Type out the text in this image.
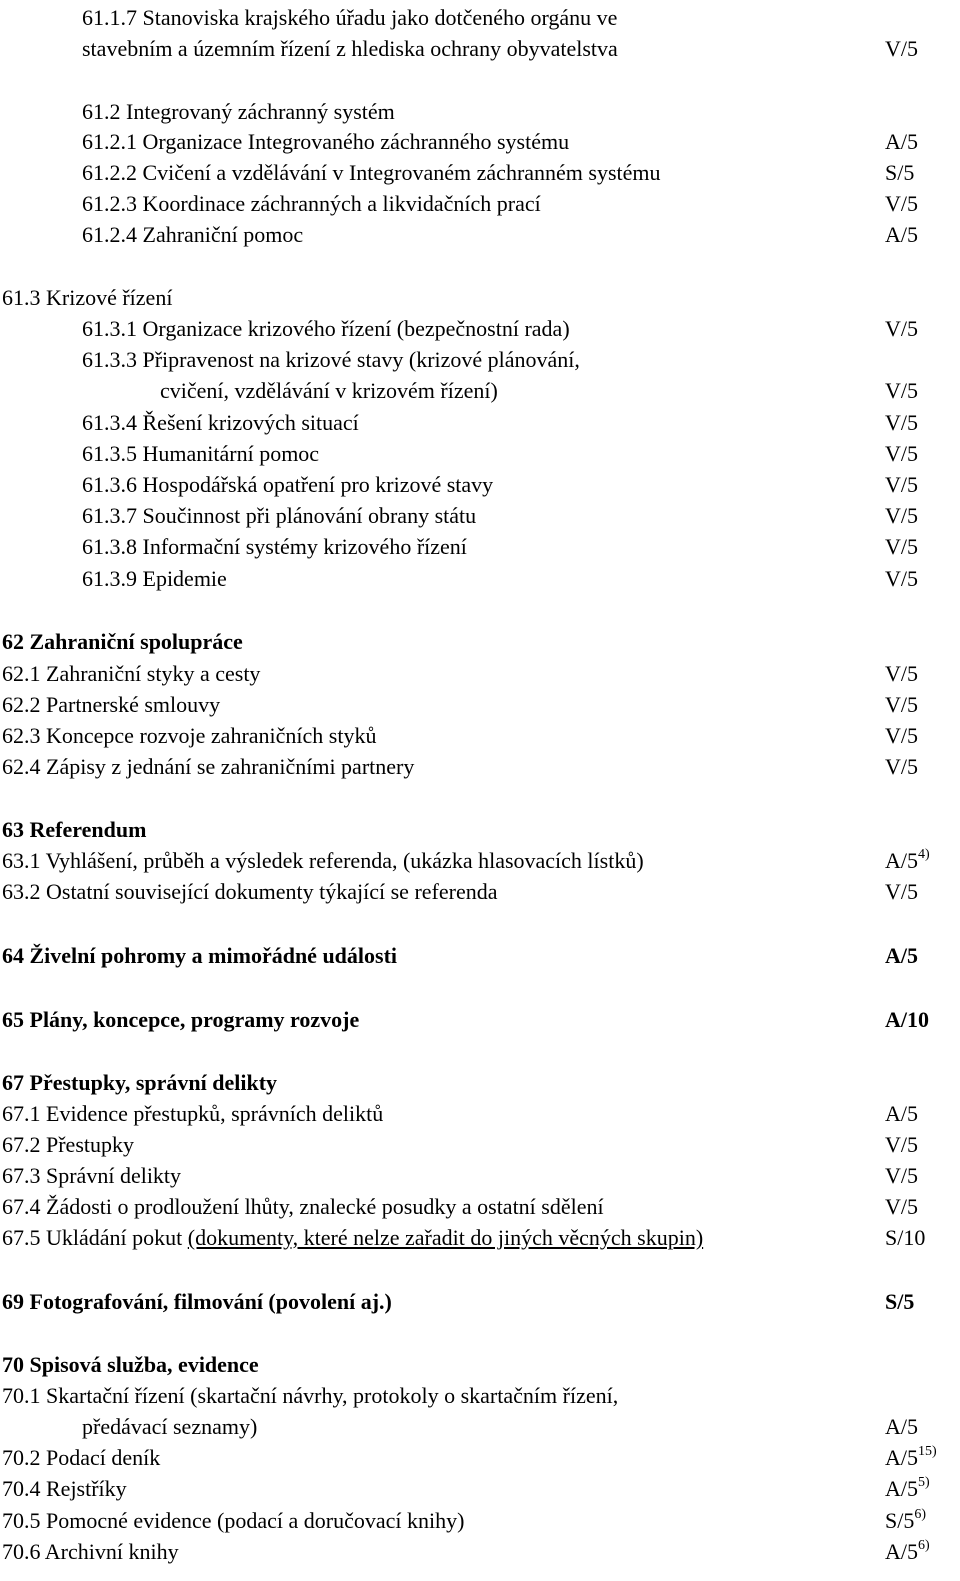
61.1.7 Stanoviska krajského úřadu jako dotčeného orgánu ve
stavebním a územním řízení z hlediska ochrany obyvatelstva	V/5
61.2 Integrovaný záchranný systém
61.2.1 Organizace Integrovaného záchranného systému	A/5
61.2.2 Cvičení a vzdělávání v Integrovaném záchranném systému	S/5
61.2.3 Koordinace záchranných a likvidačních prací	V/5
61.2.4 Zahraniční pomoc	A/5
61.3 Krizové řízení
61.3.1 Organizace krizového řízení (bezpečnostní rada)	V/5
61.3.3 Připravenost na krizové stavy (krizové plánování,
cvičení, vzdělávání v krizovém řízení)	V/5
61.3.4 Řešení krizových situací	V/5
61.3.5 Humanitární pomoc	V/5
61.3.6 Hospodářská opatření pro krizové stavy	V/5
61.3.7 Součinnost při plánování obrany státu	V/5
61.3.8 Informační systémy krizového řízení	V/5
61.3.9 Epidemie	V/5
62 Zahraniční spolupráce
62.1 Zahraniční styky a cesty	V/5
62.2 Partnerské smlouvy	V/5
62.3 Koncepce rozvoje zahraničních styků	V/5
62.4 Zápisy z jednání se zahraničními partnery	V/5
63 Referendum
63.1 Vyhlášení, průběh a výsledek referenda, (ukázka hlasovacích lístků)	A/5$^{4)}$
63.2 Ostatní související dokumenty týkající se referenda	V/5
64 Živelní pohromy a mimořádné události	A/5
65 Plány, koncepce, programy rozvoje	A/10
67 Přestupky, správní delikty
67.1 Evidence přestupků, správních deliktů	A/5
67.2 Přestupky	V/5
67.3 Správní delikty	V/5
67.4 Žádosti o prodloužení lhůty, znalecké posudky a ostatní sdělení	V/5
67.5 Ukládání pokut (dokumenty, které nelze zařadit do jiných věcných skupin)	S/10
69 Fotografování, filmování (povolení aj.)	S/5
70 Spisová služba, evidence
70.1 Skartační řízení (skartační návrhy, protokoly o skartačním řízení,
předávací seznamy)	A/5
70.2 Podací deník	A/5$^{15)}$
70.4 Rejstříky	A/5$^{5)}$
70.5 Pomocné evidence (podací a doručovací knihy)	S/5$^{6)}$
70.6 Archivní knihy	A/5$^{6)}$
